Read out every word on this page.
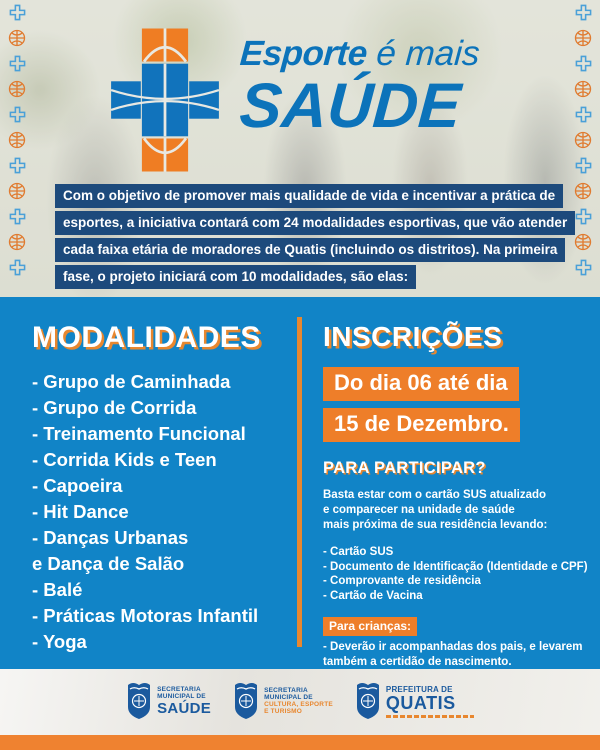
Esporte é mais
SAÚDE
Com o objetivo de promover mais qualidade de vida e incentivar a prática de
esportes, a iniciativa contará com 24 modalidades esportivas, que vão atender
cada faixa etária de moradores de Quatis (incluindo os distritos). Na primeira
fase, o projeto iniciará com 10 modalidades, são elas:
MODALIDADES
- Grupo de Caminhada
- Grupo de Corrida
- Treinamento Funcional
- Corrida Kids e Teen
- Capoeira
- Hit Dance
- Danças Urbanas
e Dança de Salão
- Balé
- Práticas Motoras Infantil
- Yoga
INSCRIÇÕES
Do dia 06 até dia
15 de Dezembro.
PARA PARTICIPAR?
Basta estar com o cartão SUS atualizado
e comparecer na unidade de saúde
mais próxima de sua residência levando:
- Cartão SUS
- Documento de Identificação (Identidade e CPF)
- Comprovante de residência
- Cartão de Vacina
Para crianças:
- Deverão ir acompanhadas dos pais, e levarem
também a certidão de nascimento.
SECRETARIA
MUNICIPAL DE
SAÚDE
SECRETARIA
MUNICIPAL DE
CULTURA, ESPORTE
E TURISMO
PREFEITURA DE
QUATIS
